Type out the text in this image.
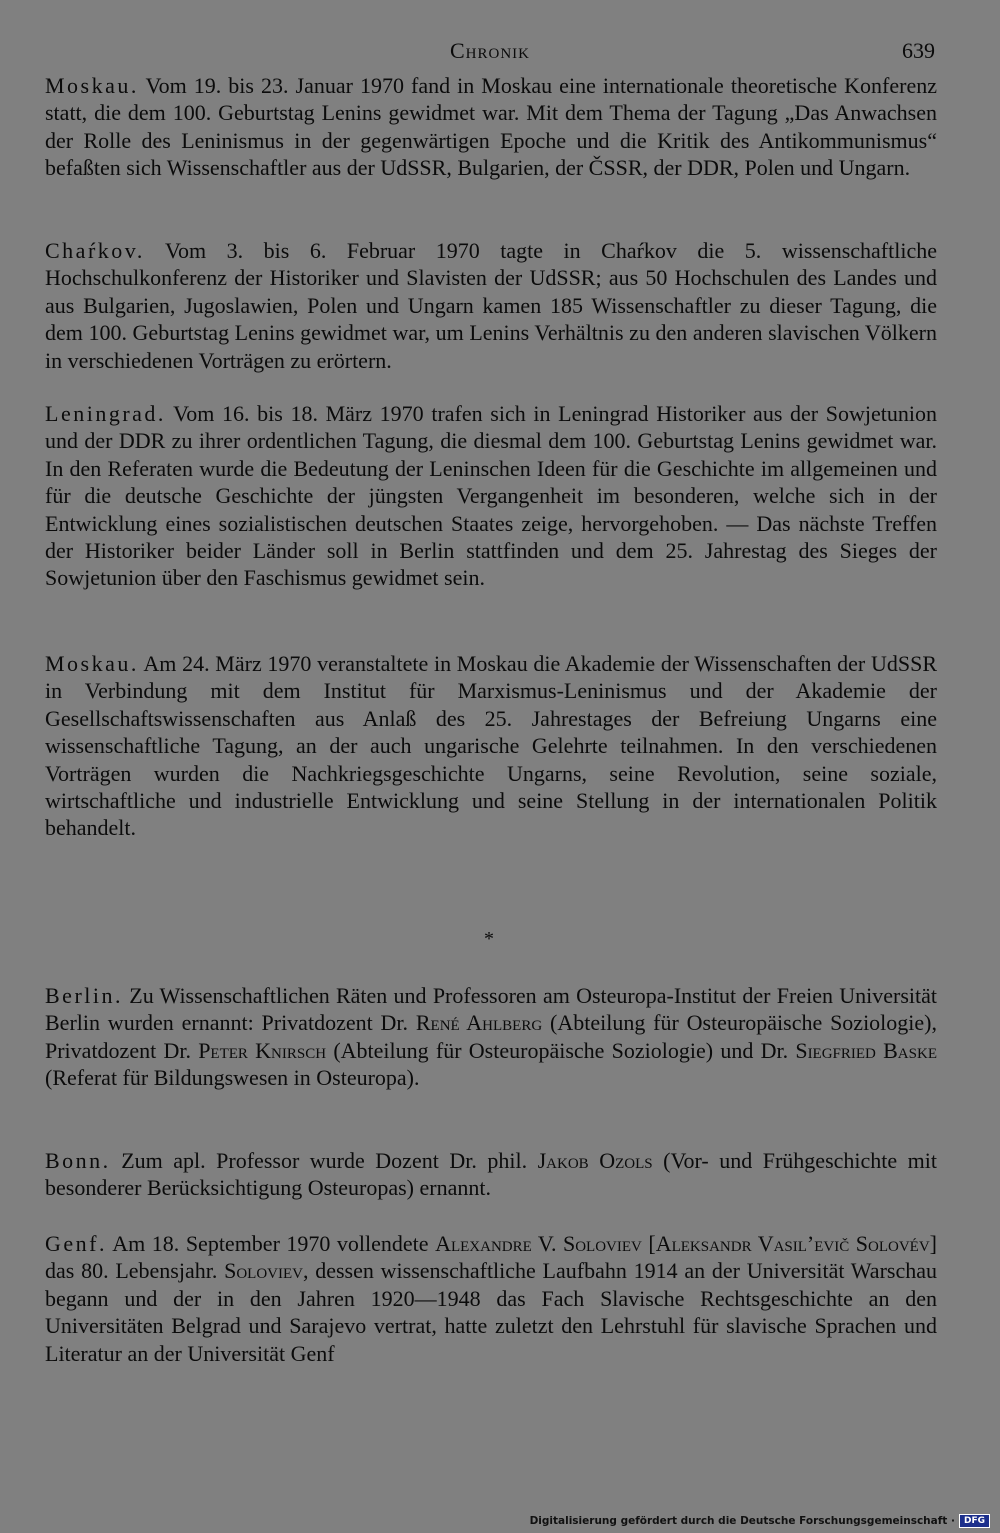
Chronik	639

Moskau. Vom 19. bis 23. Januar 1970 fand in Moskau eine internationale theoretische Konferenz statt, die dem 100. Geburtstag Lenins gewidmet war. Mit dem Thema der Tagung „Das Anwachsen der Rolle des Leninismus in der gegenwärtigen Epoche und die Kritik des Antikommunismus“ befaßten sich Wissenschaftler aus der UdSSR, Bulgarien, der ČSSR, der DDR, Polen und Ungarn.

Chaŕkov. Vom 3. bis 6. Februar 1970 tagte in Chaŕkov die 5. wissenschaftliche Hochschulkonferenz der Historiker und Slavisten der UdSSR; aus 50 Hochschulen des Landes und aus Bulgarien, Jugoslawien, Polen und Ungarn kamen 185 Wissenschaftler zu dieser Tagung, die dem 100. Geburtstag Lenins gewidmet war, um Lenins Verhältnis zu den anderen slavischen Völkern in verschiedenen Vorträgen zu erörtern.

Leningrad. Vom 16. bis 18. März 1970 trafen sich in Leningrad Historiker aus der Sowjetunion und der DDR zu ihrer ordentlichen Tagung, die diesmal dem 100. Geburtstag Lenins gewidmet war. In den Referaten wurde die Bedeutung der Leninschen Ideen für die Geschichte im allgemeinen und für die deutsche Geschichte der jüngsten Vergangenheit im besonderen, welche sich in der Entwicklung eines sozialistischen deutschen Staates zeige, hervorgehoben. — Das nächste Treffen der Historiker beider Länder soll in Berlin stattfinden und dem 25. Jahrestag des Sieges der Sowjetunion über den Faschismus gewidmet sein.

Moskau. Am 24. März 1970 veranstaltete in Moskau die Akademie der Wissenschaften der UdSSR in Verbindung mit dem Institut für Marxismus-Leninismus und der Akademie der Gesellschaftswissenschaften aus Anlaß des 25. Jahrestages der Befreiung Ungarns eine wissenschaftliche Tagung, an der auch ungarische Gelehrte teilnahmen. In den verschiedenen Vorträgen wurden die Nachkriegsgeschichte Ungarns, seine Revolution, seine soziale, wirtschaftliche und industrielle Entwicklung und seine Stellung in der internationalen Politik behandelt.

*

Berlin. Zu Wissenschaftlichen Räten und Professoren am Osteuropa-Institut der Freien Universität Berlin wurden ernannt: Privatdozent Dr. René Ahlberg (Abteilung für Osteuropäische Soziologie), Privatdozent Dr. Peter Knirsch (Abteilung für Osteuropäische Soziologie) und Dr. Siegfried Baske (Referat für Bildungswesen in Osteuropa).

Bonn. Zum apl. Professor wurde Dozent Dr. phil. Jakob Ozols (Vor- und Frühgeschichte mit besonderer Berücksichtigung Osteuropas) ernannt.

Genf. Am 18. September 1970 vollendete Alexandre V. Soloviev [Aleksandr Vasil’evič Solovév] das 80. Lebensjahr. Soloviev, dessen wissenschaftliche Laufbahn 1914 an der Universität Warschau begann und der in den Jahren 1920—1948 das Fach Slavische Rechtsgeschichte an den Universitäten Belgrad und Sarajevo vertrat, hatte zuletzt den Lehrstuhl für slavische Sprachen und Literatur an der Universität Genf

Digitalisierung gefördert durch die Deutsche Forschungsgemeinschaft ·	DFG
